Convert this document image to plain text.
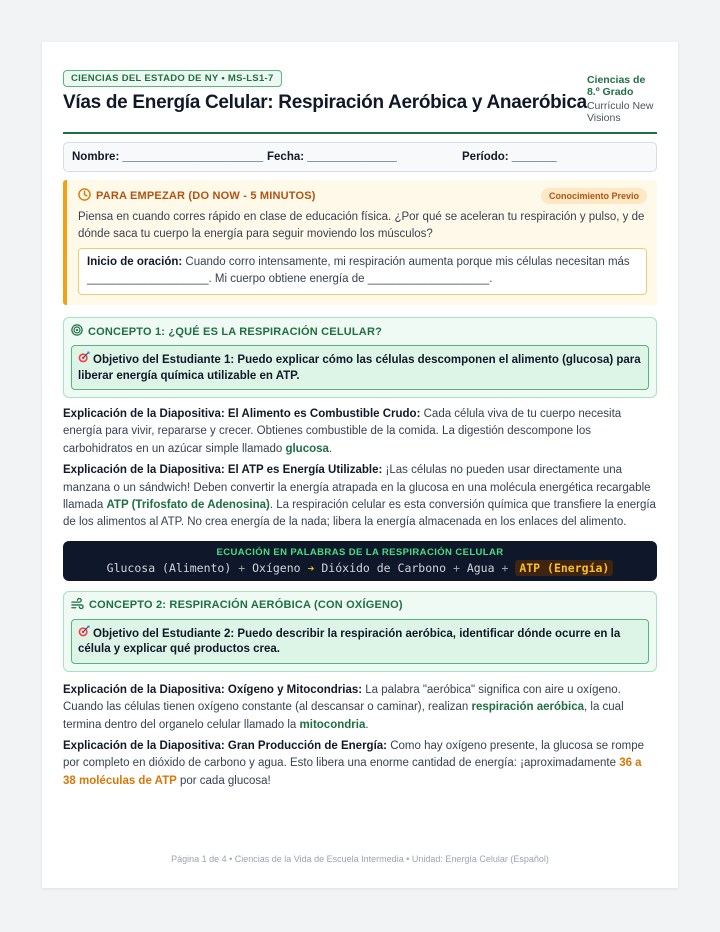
CIENCIAS DEL ESTADO DE NY • MS-LS1-7
Vías de Energía Celular: Respiración Aeróbica y Anaeróbica
Ciencias de 8.º Grado
Currículo New Visions
Nombre: ______________________ Fecha: ______________	Período: _______
PARA EMPEZAR (DO NOW - 5 MINUTOS)	Conocimiento Previo
Piensa en cuando corres rápido en clase de educación física. ¿Por qué se aceleran tu respiración y pulso, y de dónde saca tu cuerpo la energía para seguir moviendo los músculos?
Inicio de oración: Cuando corro intensamente, mi respiración aumenta porque mis células necesitan más ___________________. Mi cuerpo obtiene energía de ___________________.
CONCEPTO 1: ¿QUÉ ES LA RESPIRACIÓN CELULAR?
Objetivo del Estudiante 1: Puedo explicar cómo las células descomponen el alimento (glucosa) para liberar energía química utilizable en ATP.
Explicación de la Diapositiva: El Alimento es Combustible Crudo: Cada célula viva de tu cuerpo necesita energía para vivir, repararse y crecer. Obtienes combustible de la comida. La digestión descompone los carbohidratos en un azúcar simple llamado glucosa.
Explicación de la Diapositiva: El ATP es Energía Utilizable: ¡Las células no pueden usar directamente una manzana o un sándwich! Deben convertir la energía atrapada en la glucosa en una molécula energética recargable llamada ATP (Trifosfato de Adenosina). La respiración celular es esta conversión química que transfiere la energía de los alimentos al ATP. No crea energía de la nada; libera la energía almacenada en los enlaces del alimento.
ECUACIÓN EN PALABRAS DE LA RESPIRACIÓN CELULAR
Glucosa (Alimento) + Oxígeno ➔ Dióxido de Carbono + Agua + ATP (Energía)
CONCEPTO 2: RESPIRACIÓN AERÓBICA (CON OXÍGENO)
Objetivo del Estudiante 2: Puedo describir la respiración aeróbica, identificar dónde ocurre en la célula y explicar qué productos crea.
Explicación de la Diapositiva: Oxígeno y Mitocondrias: La palabra "aeróbica" significa con aire u oxígeno. Cuando las células tienen oxígeno constante (al descansar o caminar), realizan respiración aeróbica, la cual termina dentro del organelo celular llamado la mitocondria.
Explicación de la Diapositiva: Gran Producción de Energía: Como hay oxígeno presente, la glucosa se rompe por completo en dióxido de carbono y agua. Esto libera una enorme cantidad de energía: ¡aproximadamente 36 a 38 moléculas de ATP por cada glucosa!
Página 1 de 4 • Ciencias de la Vida de Escuela Intermedia • Unidad: Energía Celular (Español)
